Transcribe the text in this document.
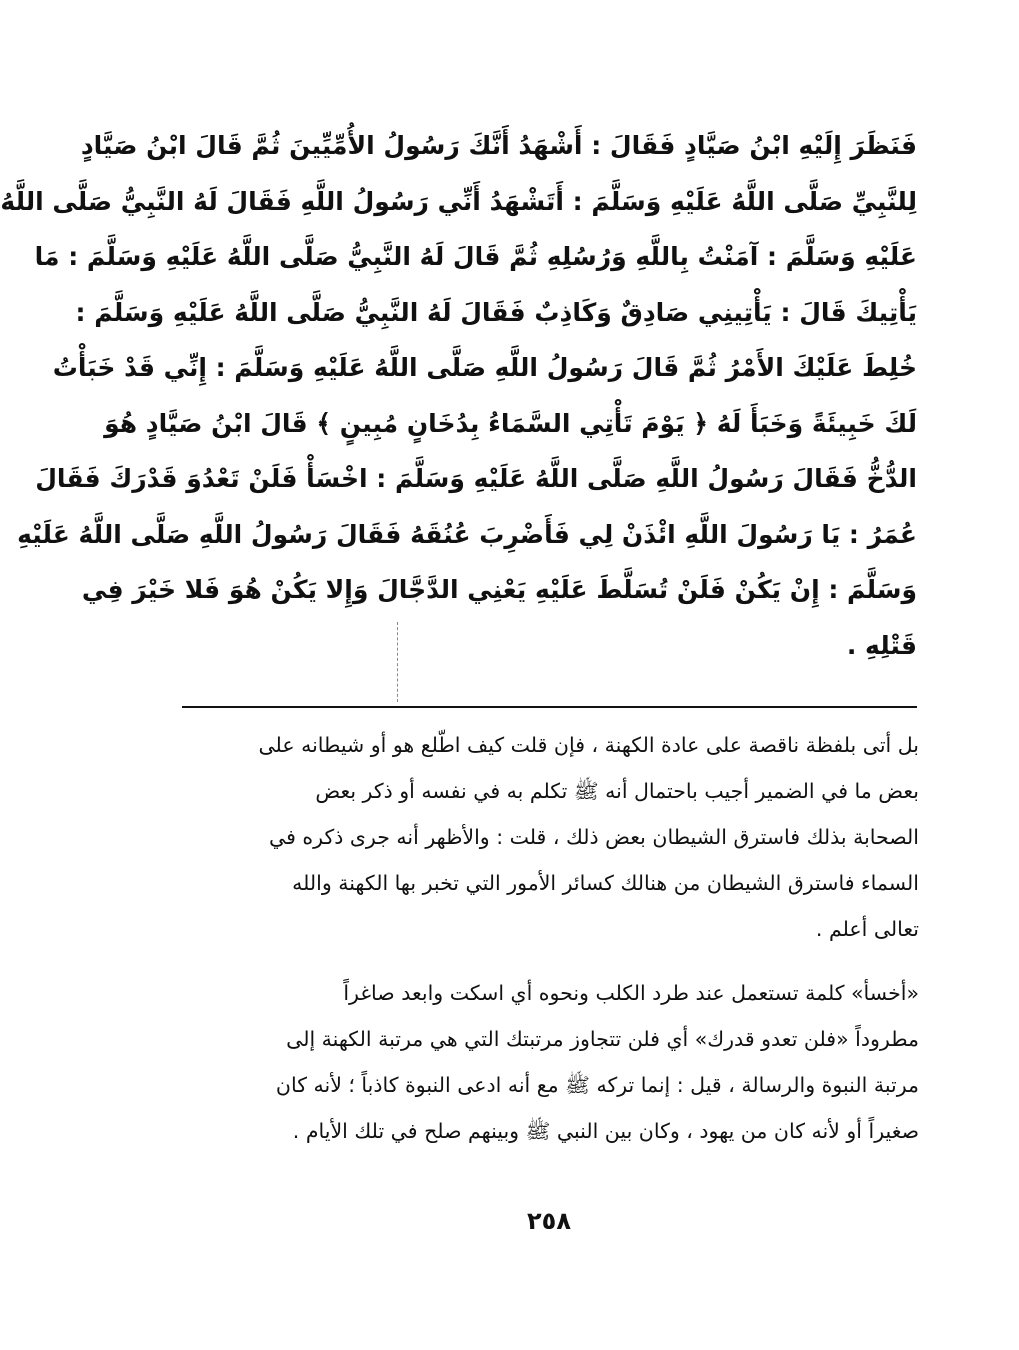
فَنَظَرَ إِلَيْهِ ابْنُ صَيَّادٍ فَقَالَ : أَشْهَدُ أَنَّكَ رَسُولُ الأُمِّيِّينَ ثُمَّ قَالَ ابْنُ صَيَّادٍ
لِلنَّبِيِّ صَلَّى اللَّهُ عَلَيْهِ وَسَلَّمَ : أَتَشْهَدُ أَنِّي رَسُولُ اللَّهِ فَقَالَ لَهُ النَّبِيُّ صَلَّى اللَّهُ
عَلَيْهِ وَسَلَّمَ : آمَنْتُ بِاللَّهِ وَرُسُلِهِ ثُمَّ قَالَ لَهُ النَّبِيُّ صَلَّى اللَّهُ عَلَيْهِ وَسَلَّمَ : مَا
يَأْتِيكَ قَالَ : يَأْتِينِي صَادِقٌ وَكَاذِبٌ فَقَالَ لَهُ النَّبِيُّ صَلَّى اللَّهُ عَلَيْهِ وَسَلَّمَ :
خُلِطَ عَلَيْكَ الأَمْرُ ثُمَّ قَالَ رَسُولُ اللَّهِ صَلَّى اللَّهُ عَلَيْهِ وَسَلَّمَ : إِنِّي قَدْ خَبَأْتُ
لَكَ خَبِيئَةً وَخَبَأَ لَهُ ﴿ يَوْمَ تَأْتِي السَّمَاءُ بِدُخَانٍ مُبِينٍ ﴾ قَالَ ابْنُ صَيَّادٍ هُوَ
الدُّخُّ فَقَالَ رَسُولُ اللَّهِ صَلَّى اللَّهُ عَلَيْهِ وَسَلَّمَ : اخْسَأْ فَلَنْ تَعْدُوَ قَدْرَكَ فَقَالَ
عُمَرُ : يَا رَسُولَ اللَّهِ ائْذَنْ لِي فَأَضْرِبَ عُنُقَهُ فَقَالَ رَسُولُ اللَّهِ صَلَّى اللَّهُ عَلَيْهِ
وَسَلَّمَ : إِنْ يَكُنْ فَلَنْ تُسَلَّطَ عَلَيْهِ يَعْنِي الدَّجَّالَ وَإِلا يَكُنْ هُوَ فَلا خَيْرَ فِي
قَتْلِهِ .

بل أتى بلفظة ناقصة على عادة الكهنة ، فإن قلت كيف اطّلع هو أو شيطانه على
بعض ما في الضمير أجيب باحتمال أنه ﷺ تكلم به في نفسه أو ذكر بعض
الصحابة بذلك فاسترق الشيطان بعض ذلك ، قلت : والأظهر أنه جرى ذكره في
السماء فاسترق الشيطان من هنالك كسائر الأمور التي تخبر بها الكهنة والله
تعالى أعلم .

«أخسأ» كلمة تستعمل عند طرد الكلب ونحوه أي اسكت وابعد صاغراً
مطروداً «فلن تعدو قدرك» أي فلن تتجاوز مرتبتك التي هي مرتبة الكهنة إلى
مرتبة النبوة والرسالة ، قيل : إنما تركه ﷺ مع أنه ادعى النبوة كاذباً ؛ لأنه كان
صغيراً أو لأنه كان من يهود ، وكان بين النبي ﷺ وبينهم صلح في تلك الأيام .

٢٥٨
